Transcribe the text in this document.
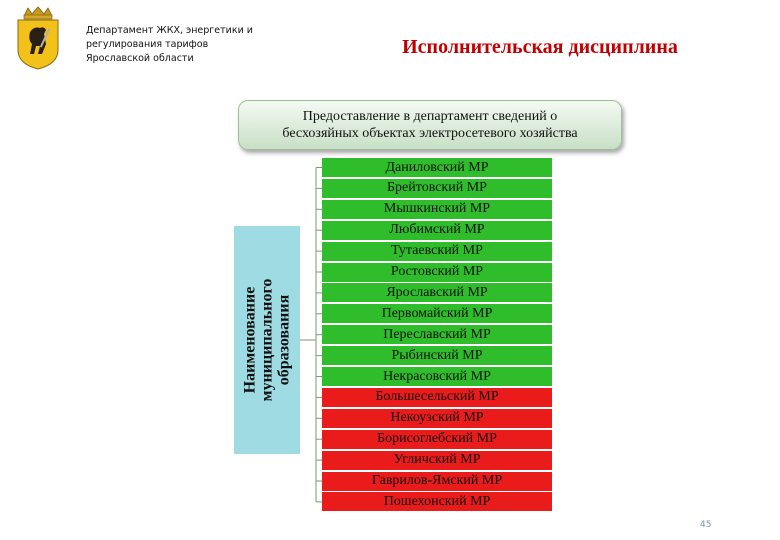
Департамент ЖКХ, энергетики и
регулирования тарифов
Ярославской области
Исполнительская дисциплина
Предоставление в департамент сведений о
бесхозяйных объектах электросетевого хозяйства
Наименование муниципального образования
Даниловский МР
Брейтовский МР
Мышкинский МР
Любимский МР
Тутаевский МР
Ростовский МР
Ярославский МР
Первомайский МР
Переславский МР
Рыбинский МР
Некрасовский МР
Большесельский МР
Некоузский МР
Борисоглебский МР
Угличский МР
Гаврилов-Ямский МР
Пошехонский МР
45
